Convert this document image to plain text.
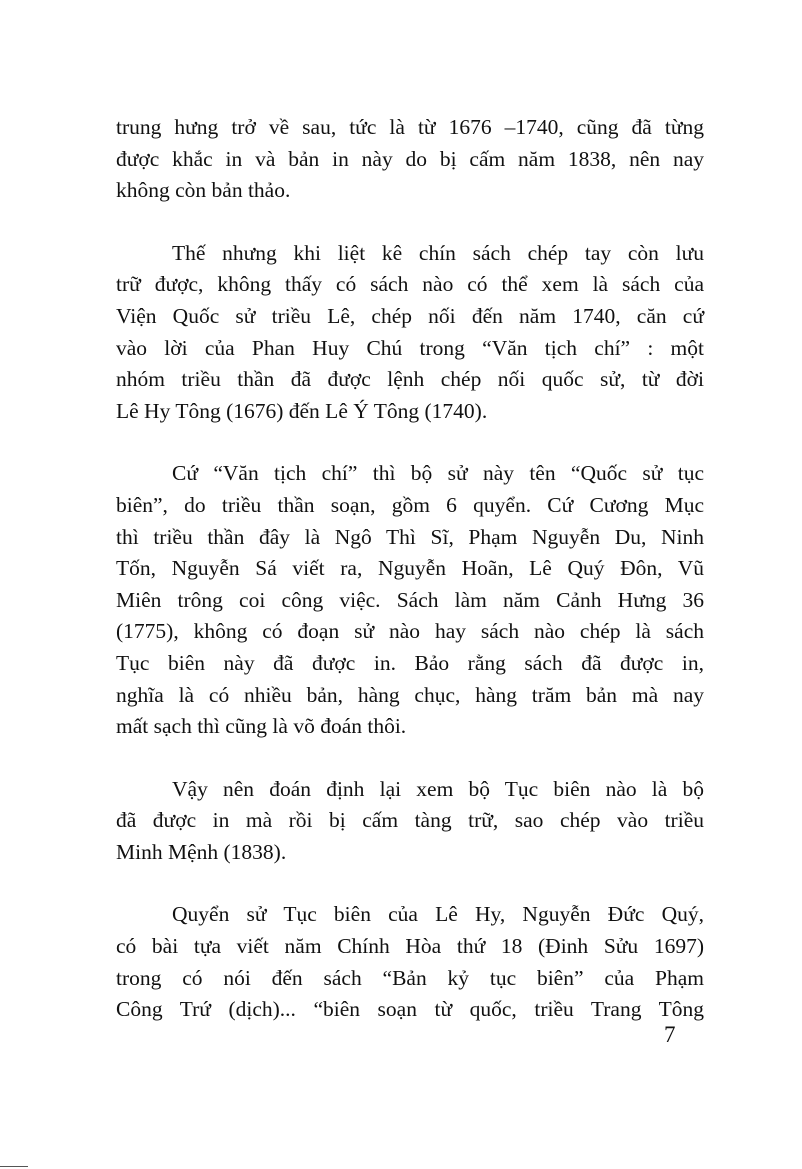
trung hưng trở về sau, tức là từ 1676 –1740, cũng đã từng
được khắc in và bản in này do bị cấm năm 1838, nên nay
không còn bản thảo.

Thế nhưng khi liệt kê chín sách chép tay còn lưu
trữ được, không thấy có sách nào có thể xem là sách của
Viện Quốc sử triều Lê, chép nối đến năm 1740, căn cứ
vào lời của Phan Huy Chú trong “Văn tịch chí” : một
nhóm triều thần đã được lệnh chép nối quốc sử, từ đời
Lê Hy Tông (1676) đến Lê Ý Tông (1740).

Cứ “Văn tịch chí” thì bộ sử này tên “Quốc sử tục
biên”, do triều thần soạn, gồm 6 quyển. Cứ Cương Mục
thì triều thần đây là Ngô Thì Sĩ, Phạm Nguyễn Du, Ninh
Tốn, Nguyễn Sá viết ra, Nguyễn Hoãn, Lê Quý Đôn, Vũ
Miên trông coi công việc. Sách làm năm Cảnh Hưng 36
(1775), không có đoạn sử nào hay sách nào chép là sách
Tục biên này đã được in. Bảo rằng sách đã được in,
nghĩa là có nhiều bản, hàng chục, hàng trăm bản mà nay
mất sạch thì cũng là võ đoán thôi.

Vậy nên đoán định lại xem bộ Tục biên nào là bộ
đã được in mà rồi bị cấm tàng trữ, sao chép vào triều
Minh Mệnh (1838).

Quyển sử Tục biên của Lê Hy, Nguyễn Đức Quý,
có bài tựa viết năm Chính Hòa thứ 18 (Đinh Sửu 1697)
trong có nói đến sách “Bản kỷ tục biên” của Phạm
Công Trứ (dịch)... “biên soạn từ quốc, triều Trang Tông

7
